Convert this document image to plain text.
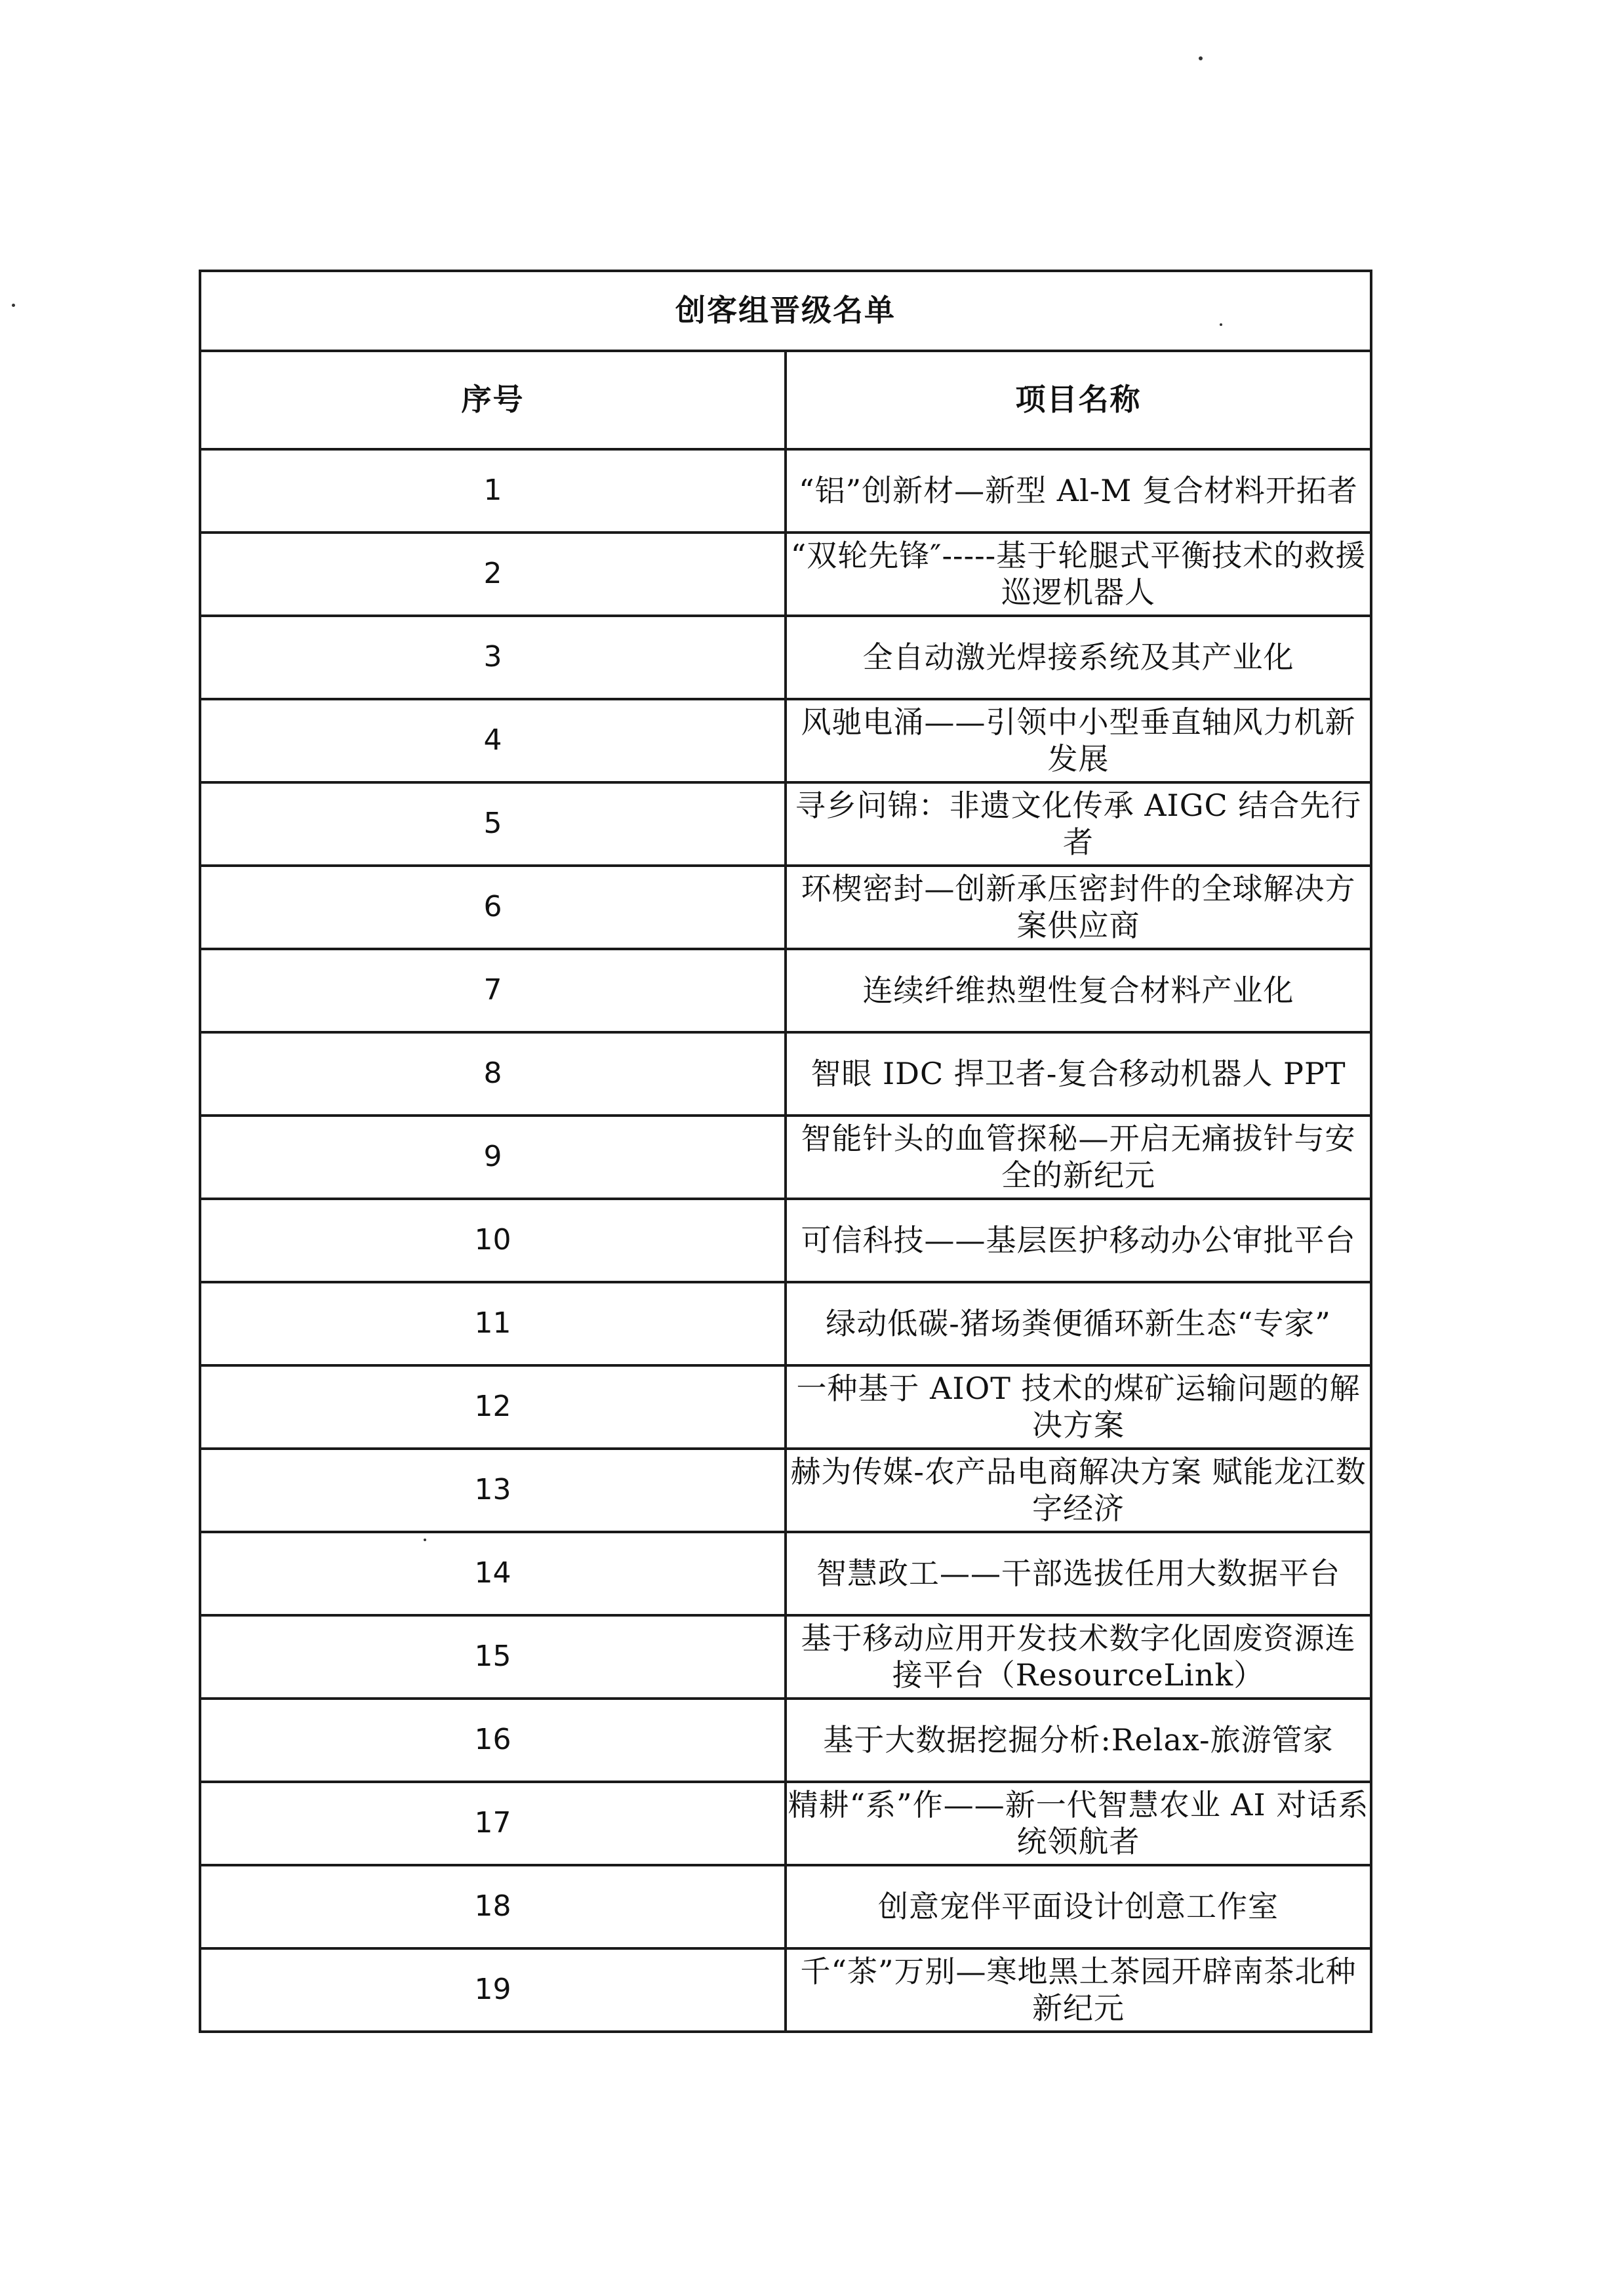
创客组晋级名单	
序号	项目名称
1	“铝”创新材—新型 Al-M 复合材料开拓者
2	“双轮先锋″-----基于轮腿式平衡技术的救援巡逻机器人
3	全自动激光焊接系统及其产业化
4	风驰电涌——引领中小型垂直轴风力机新发展
5	寻乡问锦：非遗文化传承 AIGC 结合先行者
6	环楔密封—创新承压密封件的全球解决方案供应商
7	连续纤维热塑性复合材料产业化
8	智眼 IDC 捍卫者-复合移动机器人 PPT
9	智能针头的血管探秘—开启无痛拔针与安全的新纪元
10	可信科技——基层医护移动办公审批平台
11	绿动低碳-猪场粪便循环新生态“专家”
12	一种基于 AIOT 技术的煤矿运输问题的解决方案
13	赫为传媒-农产品电商解决方案 赋能龙江数字经济
14	智慧政工——干部选拔任用大数据平台
15	基于移动应用开发技术数字化固废资源连接平台（ResourceLink）
16	基于大数据挖掘分析:Relax-旅游管家
17	精耕“系”作——新一代智慧农业 AI 对话系统领航者
18	创意宠伴平面设计创意工作室
19	千“茶”万别—寒地黑土茶园开辟南茶北种新纪元
